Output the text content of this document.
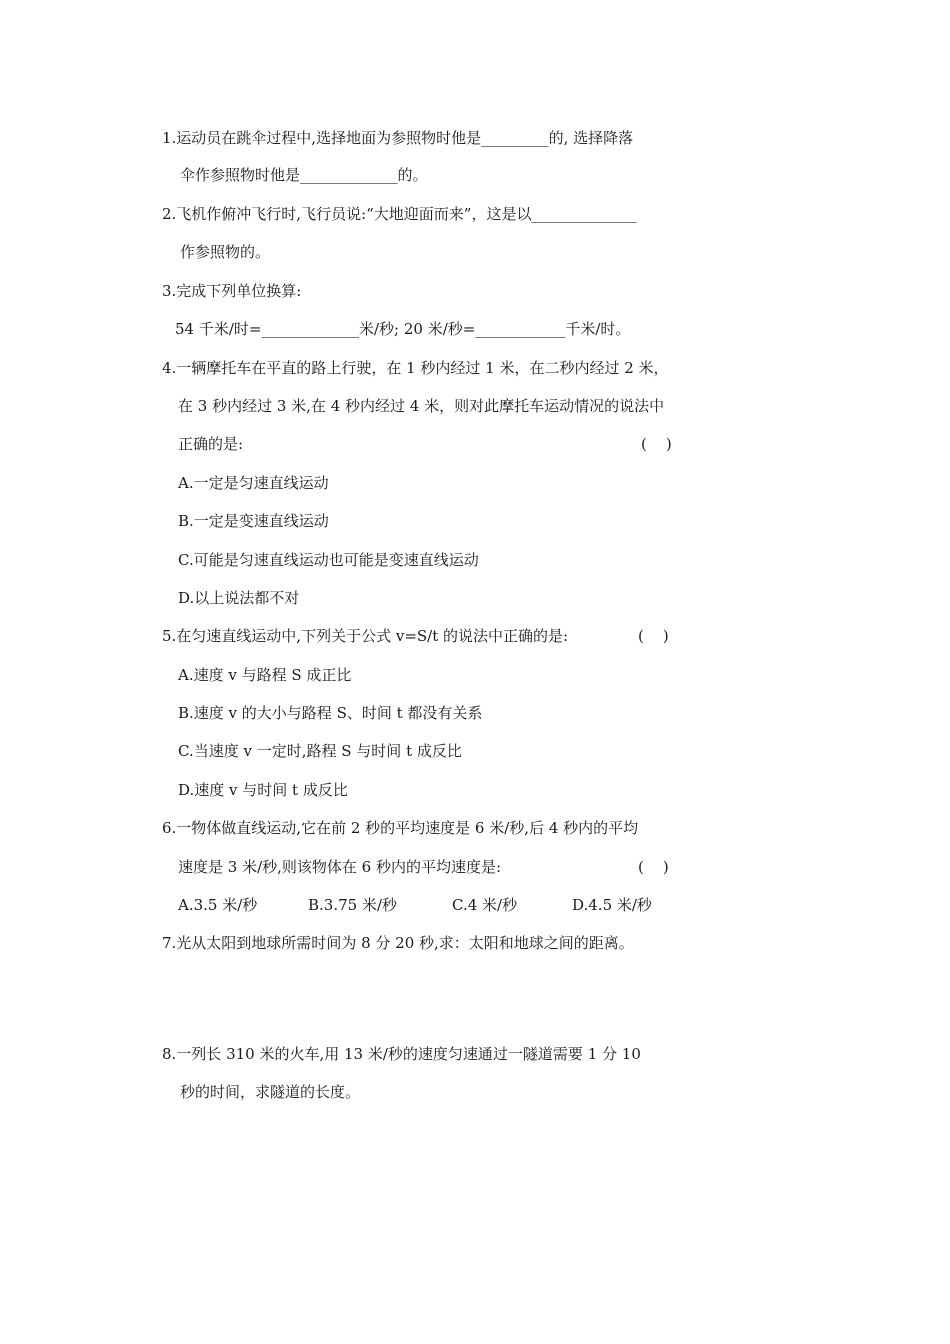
1.运动员在跳伞过程中,选择地面为参照物时他是_________的, 选择降落
伞作参照物时他是_____________的。
2.飞机作俯冲飞行时,飞行员说:“大地迎面而来”，这是以______________
作参照物的。
3.完成下列单位换算:
54 千米/时=_____________米/秒; 20 米/秒=____________千米/时。
4.一辆摩托车在平直的路上行驶，在 1 秒内经过 1 米，在二秒内经过 2 米，
在 3 秒内经过 3 米,在 4 秒内经过 4 米，则对此摩托车运动情况的说法中
正确的是:	(    )
A.一定是匀速直线运动
B.一定是变速直线运动
C.可能是匀速直线运动也可能是变速直线运动
D.以上说法都不对
5.在匀速直线运动中,下列关于公式 v=S/t 的说法中正确的是:	(    )
A.速度 v 与路程 S 成正比
B.速度 v 的大小与路程 S、时间 t 都没有关系
C.当速度 v 一定时,路程 S 与时间 t 成反比
D.速度 v 与时间 t 成反比
6.一物体做直线运动,它在前 2 秒的平均速度是 6 米/秒,后 4 秒内的平均
速度是 3 米/秒,则该物体在 6 秒内的平均速度是:	(    )
A.3.5 米/秒	B.3.75 米/秒	C.4 米/秒	D.4.5 米/秒
7.光从太阳到地球所需时间为 8 分 20 秒,求：太阳和地球之间的距离。
8.一列长 310 米的火车,用 13 米/秒的速度匀速通过一隧道需要 1 分 10
秒的时间，求隧道的长度。
